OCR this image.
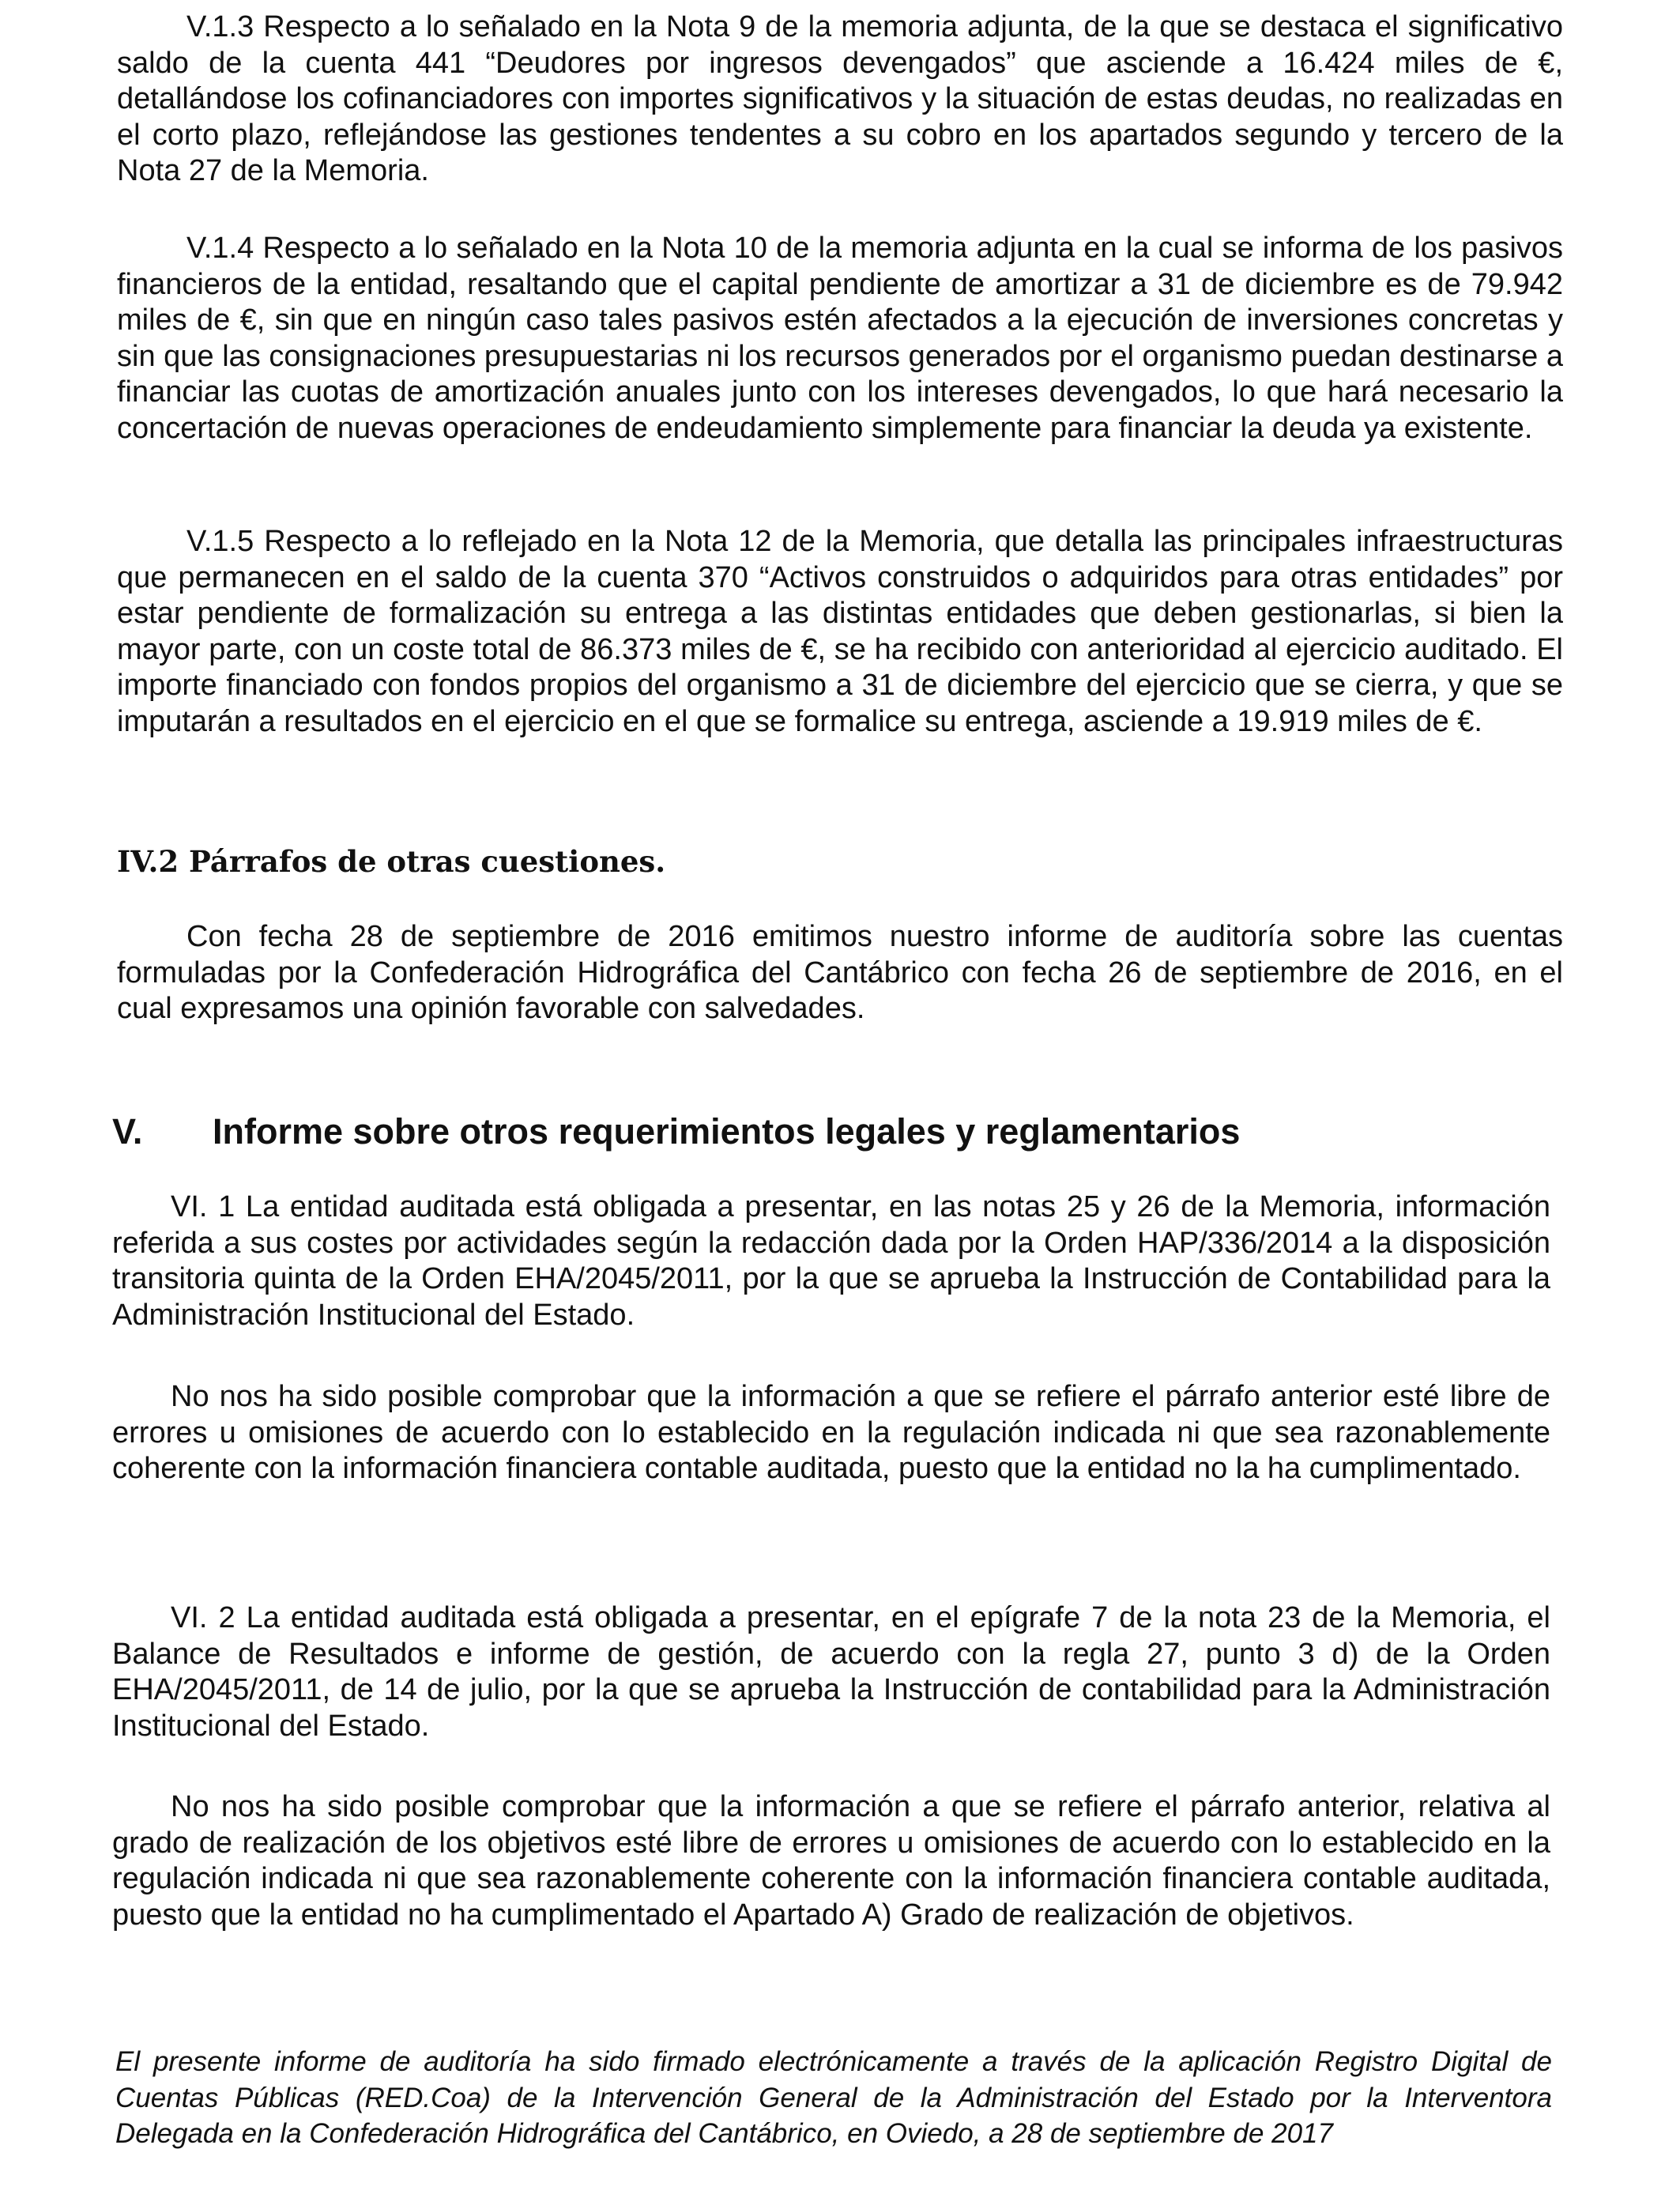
V.1.3 Respecto a lo señalado en la Nota 9 de la memoria adjunta, de la que se destaca el significativo saldo de la cuenta 441 “Deudores por ingresos devengados” que asciende a 16.424 miles de €, detallándose los cofinanciadores con importes significativos y la situación de estas deudas, no realizadas en el corto plazo, reflejándose las gestiones tendentes a su cobro en los apartados segundo y tercero de la Nota 27 de la Memoria.

V.1.4 Respecto a lo señalado en la Nota 10 de la memoria adjunta en la cual se informa de los pasivos financieros de la entidad, resaltando que el capital pendiente de amortizar a 31 de diciembre es de 79.942 miles de €, sin que en ningún caso tales pasivos estén afectados a la ejecución de inversiones concretas y sin que las consignaciones presupuestarias ni los recursos generados por el organismo puedan destinarse a financiar las cuotas de amortización anuales junto con los intereses devengados, lo que hará necesario la concertación de nuevas operaciones de endeudamiento simplemente para financiar la deuda ya existente.

V.1.5 Respecto a lo reflejado en la Nota 12 de la Memoria, que detalla las principales infraestructuras que permanecen en el saldo de la cuenta 370 “Activos construidos o adquiridos para otras entidades” por estar pendiente de formalización su entrega a las distintas entidades que deben gestionarlas, si bien la mayor parte, con un coste total de 86.373 miles de €, se ha recibido con anterioridad al ejercicio auditado. El importe financiado con fondos propios del organismo a 31 de diciembre del ejercicio que se cierra, y que se imputarán a resultados en el ejercicio en el que se formalice su entrega, asciende a 19.919 miles de €.

IV.2 Párrafos de otras cuestiones.

Con fecha 28 de septiembre de 2016 emitimos nuestro informe de auditoría sobre las cuentas formuladas por la Confederación Hidrográfica del Cantábrico con fecha 26 de septiembre de 2016, en el cual expresamos una opinión favorable con salvedades.

V. Informe sobre otros requerimientos legales y reglamentarios

VI. 1 La entidad auditada está obligada a presentar, en las notas 25 y 26 de la Memoria, información referida a sus costes por actividades según la redacción dada por la Orden HAP/336/2014 a la disposición transitoria quinta de la Orden EHA/2045/2011, por la que se aprueba la Instrucción de Contabilidad para la Administración Institucional del Estado.

No nos ha sido posible comprobar que la información a que se refiere el párrafo anterior esté libre de errores u omisiones de acuerdo con lo establecido en la regulación indicada ni que sea razonablemente coherente con la información financiera contable auditada, puesto que la entidad no la ha cumplimentado.

VI. 2 La entidad auditada está obligada a presentar, en el epígrafe 7 de la nota 23 de la Memoria, el Balance de Resultados e informe de gestión, de acuerdo con la regla 27, punto 3 d) de la Orden EHA/2045/2011, de 14 de julio, por la que se aprueba la Instrucción de contabilidad para la Administración Institucional del Estado.

No nos ha sido posible comprobar que la información a que se refiere el párrafo anterior, relativa al grado de realización de los objetivos esté libre de errores u omisiones de acuerdo con lo establecido en la regulación indicada ni que sea razonablemente coherente con la información financiera contable auditada, puesto que la entidad no ha cumplimentado el Apartado A) Grado de realización de objetivos.

El presente informe de auditoría ha sido firmado electrónicamente a través de la aplicación Registro Digital de Cuentas Públicas (RED.Coa) de la Intervención General de la Administración del Estado por la Interventora Delegada en la Confederación Hidrográfica del Cantábrico, en Oviedo, a 28 de septiembre de 2017
